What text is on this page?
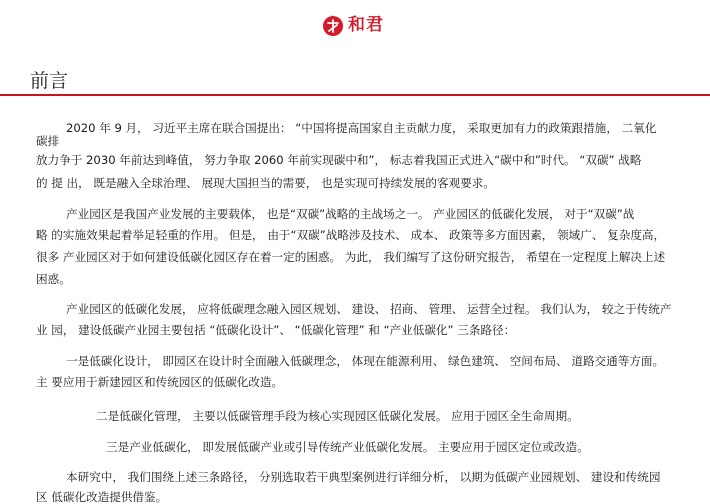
和君
前言
2020 年 9 月， 习近平主席在联合国提出： “中国将提高国家自主贡献力度， 采取更加有力的政策跟措施， 二氧化
碳排
放力争于 2030 年前达到峰值， 努力争取 2060 年前实现碳中和”， 标志着我国正式进入“碳中和”时代。 “双碳” 战略
的 提 出， 既是融入全球治理、 展现大国担当的需要， 也是实现可持续发展的客观要求。
产业园区是我国产业发展的主要载体， 也是“双碳”战略的主战场之一。 产业园区的低碳化发展， 对于“双碳”战
略 的实施效果起着举足轻重的作用。 但是， 由于“双碳”战略涉及技术、 成本、 政策等多方面因素， 领域广、 复杂度高，
很多 产业园区对于如何建设低碳化园区存在着一定的困惑。 为此， 我们编写了这份研究报告， 希望在一定程度上解决上述
困惑。
产业园区的低碳化发展， 应将低碳理念融入园区规划、 建设、 招商、 管理、 运营全过程。 我们认为， 较之于传统产
业 园， 建设低碳产业园主要包括 “低碳化设计”、 “低碳化管理” 和 “产业低碳化” 三条路径：
一是低碳化设计， 即园区在设计时全面融入低碳理念， 体现在能源利用、 绿色建筑、 空间布局、 道路交通等方面。
主 要应用于新建园区和传统园区的低碳化改造。
二是低碳化管理， 主要以低碳管理手段为核心实现园区低碳化发展。 应用于园区全生命周期。
三是产业低碳化， 即发展低碳产业或引导传统产业低碳化发展。 主要应用于园区定位或改造。
本研究中， 我们围绕上述三条路径， 分别选取若干典型案例进行详细分析， 以期为低碳产业园规划、 建设和传统园
区 低碳化改造提供借鉴。
